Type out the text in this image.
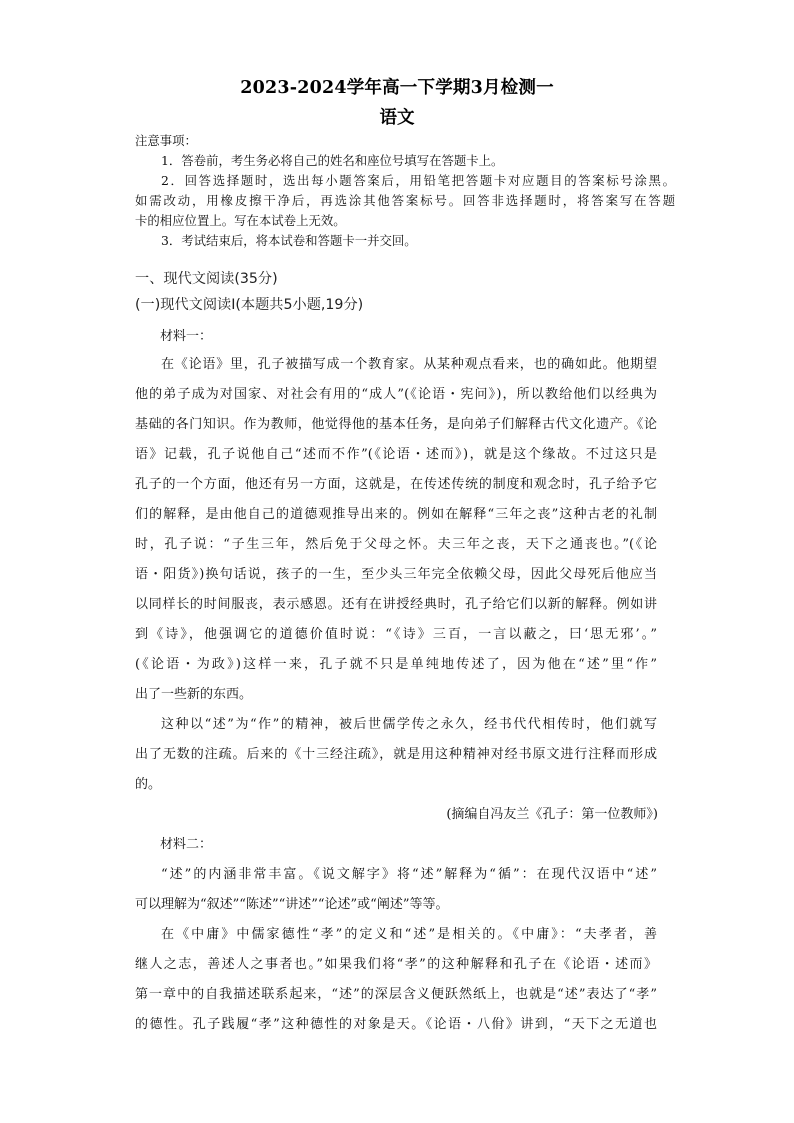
2023-2024学年高一下学期3月检测一
语文
注意事项：
1．答卷前，考生务必将自己的姓名和座位号填写在答题卡上。
2．回答选择题时，选出每小题答案后，用铅笔把答题卡对应题目的答案标号涂黑。
如需改动，用橡皮擦干净后，再选涂其他答案标号。回答非选择题时，将答案写在答题
卡的相应位置上。写在本试卷上无效。
3．考试结束后，将本试卷和答题卡一并交回。
一、现代文阅读(35分)
(一)现代文阅读Ⅰ(本题共5小题,19分)
材料一：
在《论语》里，孔子被描写成一个教育家。从某种观点看来，也的确如此。他期望
他的弟子成为对国家、对社会有用的“成人”(《论语・宪问》)，所以教给他们以经典为
基础的各门知识。作为教师，他觉得他的基本任务，是向弟子们解释古代文化遗产。《论
语》记载，孔子说他自己“述而不作”(《论语・述而》)，就是这个缘故。不过这只是
孔子的一个方面，他还有另一方面，这就是，在传述传统的制度和观念时，孔子给予它
们的解释，是由他自己的道德观推导出来的。例如在解释“三年之丧”这种古老的礼制
时，孔子说：“子生三年，然后免于父母之怀。夫三年之丧，天下之通丧也。”(《论
语・阳货》)换句话说，孩子的一生，至少头三年完全依赖父母，因此父母死后他应当
以同样长的时间服丧，表示感恩。还有在讲授经典时，孔子给它们以新的解释。例如讲
到《诗》，他强调它的道德价值时说：“《诗》三百，一言以蔽之，曰‘思无邪’。”
(《论语・为政》)这样一来，孔子就不只是单纯地传述了，因为他在“述”里“作”
出了一些新的东西。
这种以“述”为“作”的精神，被后世儒学传之永久，经书代代相传时，他们就写
出了无数的注疏。后来的《十三经注疏》，就是用这种精神对经书原文进行注释而形成
的。
(摘编自冯友兰《孔子：第一位教师》)
材料二：
“述”的内涵非常丰富。《说文解字》将“述”解释为“循”：在现代汉语中“述”
可以理解为“叙述”“陈述”“讲述”“论述”或“阐述”等等。
在《中庸》中儒家德性“孝”的定义和“述”是相关的。《中庸》：“夫孝者，善
继人之志，善述人之事者也。”如果我们将“孝”的这种解释和孔子在《论语・述而》
第一章中的自我描述联系起来，“述”的深层含义便跃然纸上，也就是“述”表达了“孝”
的德性。孔子践履“孝”这种德性的对象是天。《论语・八佾》讲到，“天下之无道也
